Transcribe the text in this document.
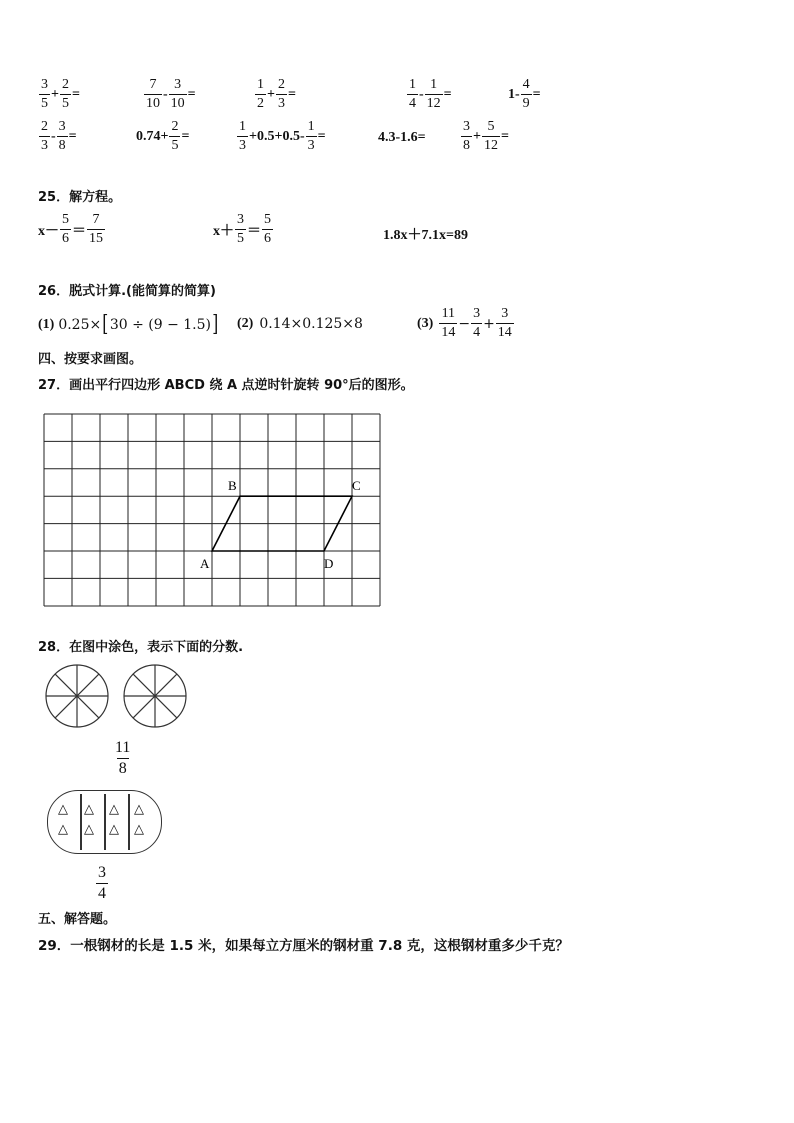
$\frac{3}{5} + \frac{2}{5}$ =	$\frac{7}{10} - \frac{3}{10}$ =	$\frac{1}{2} + \frac{2}{3}$ =	$\frac{1}{4} - \frac{1}{12}$ =	$1- \frac{4}{9}$ =
$\frac{2}{3} - \frac{3}{8}$ =	$0.74+ \frac{2}{5}$ =	$\frac{1}{3} +0.5+0.5- \frac{1}{3}$ =	4.3-1.6=	$\frac{3}{8} + \frac{5}{12}$ =
25．解方程。
$x- \frac{5}{6} = \frac{7}{15}$	$x+ \frac{3}{5} = \frac{5}{6}$	1.8x＋7.1x=89
26．脱式计算.(能简算的简算)
(1) 0.25× [ 30 ÷ (9 − 1.5) ] (2) 0.14×0.125×8	$(3) \frac{11}{14} - \frac{3}{4} + \frac{3}{14}$
四、按要求画图。
27．画出平行四边形 ABCD 绕 A 点逆时针旋转 90°后的图形。
A
B	C
D
28．在图中涂色，表示下面的分数.
$\frac{11}{8}$
△ △ △ △
△ △ △ △
$\frac{3}{4}$
五、解答题。
29．一根钢材的长是 1.5 米，如果每立方厘米的钢材重 7.8 克，这根钢材重多少千克？
